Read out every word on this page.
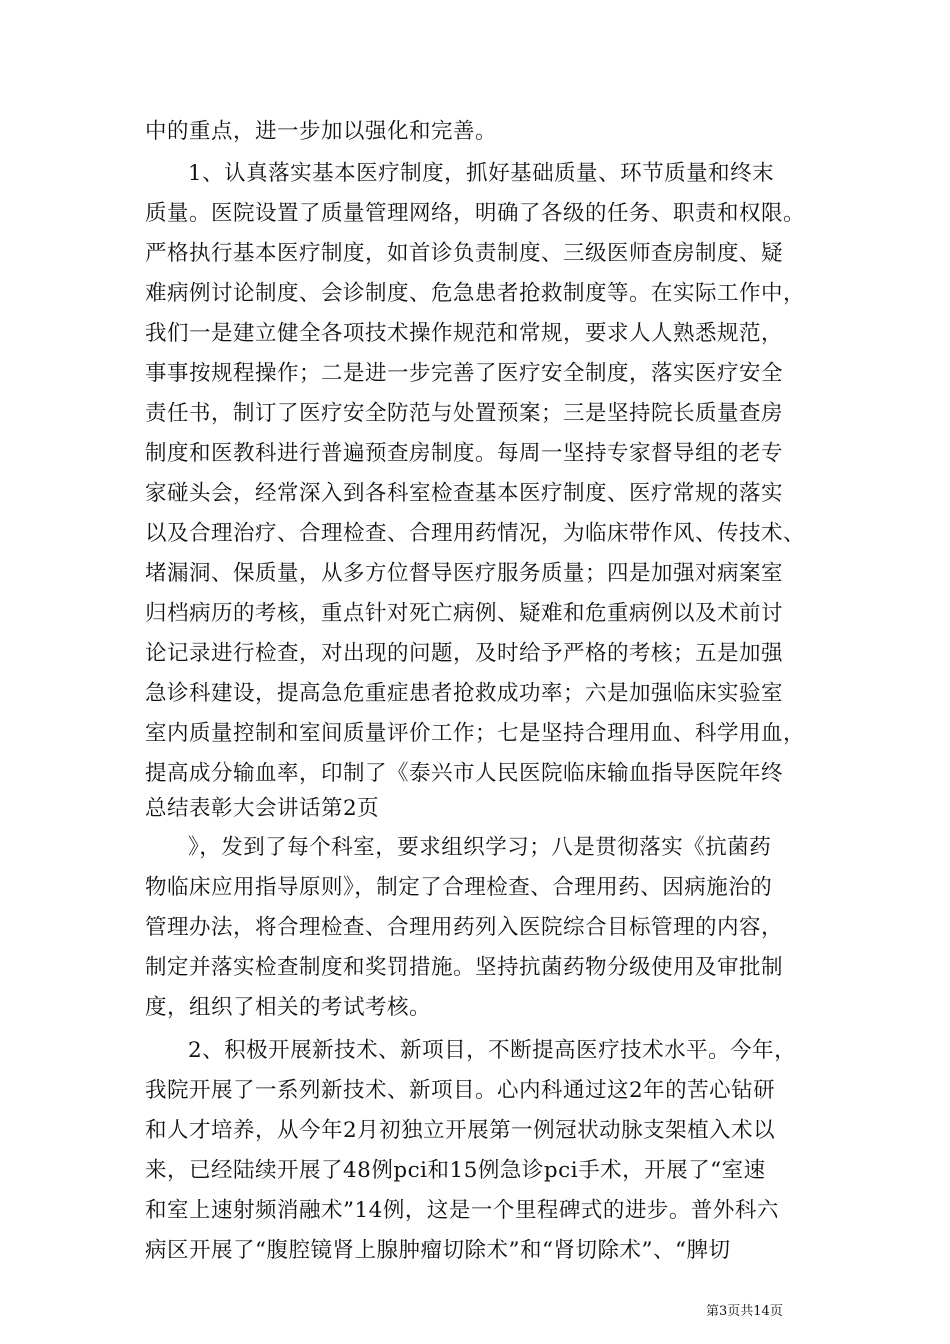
中的重点，进一步加以强化和完善。
1、认真落实基本医疗制度，抓好基础质量、环节质量和终末
质量。医院设置了质量管理网络，明确了各级的任务、职责和权限。
严格执行基本医疗制度，如首诊负责制度、三级医师查房制度、疑
难病例讨论制度、会诊制度、危急患者抢救制度等。在实际工作中，
我们一是建立健全各项技术操作规范和常规，要求人人熟悉规范，
事事按规程操作；二是进一步完善了医疗安全制度，落实医疗安全
责任书，制订了医疗安全防范与处置预案；三是坚持院长质量查房
制度和医教科进行普遍预查房制度。每周一坚持专家督导组的老专
家碰头会，经常深入到各科室检查基本医疗制度、医疗常规的落实
以及合理治疗、合理检查、合理用药情况，为临床带作风、传技术、
堵漏洞、保质量，从多方位督导医疗服务质量；四是加强对病案室
归档病历的考核，重点针对死亡病例、疑难和危重病例以及术前讨
论记录进行检查，对出现的问题，及时给予严格的考核；五是加强
急诊科建设，提高急危重症患者抢救成功率；六是加强临床实验室
室内质量控制和室间质量评价工作；七是坚持合理用血、科学用血，
提高成分输血率，印制了《泰兴市人民医院临床输血指导医院年终
总结表彰大会讲话第2页
》，发到了每个科室，要求组织学习；八是贯彻落实《抗菌药
物临床应用指导原则》，制定了合理检查、合理用药、因病施治的
管理办法，将合理检查、合理用药列入医院综合目标管理的内容，
制定并落实检查制度和奖罚措施。坚持抗菌药物分级使用及审批制
度，组织了相关的考试考核。
2、积极开展新技术、新项目，不断提高医疗技术水平。今年，
我院开展了一系列新技术、新项目。心内科通过这2年的苦心钻研
和人才培养，从今年2月初独立开展第一例冠状动脉支架植入术以
来，已经陆续开展了48例pci和15例急诊pci手术，开展了“室速
和室上速射频消融术”14例，这是一个里程碑式的进步。普外科六
病区开展了“腹腔镜肾上腺肿瘤切除术”和“肾切除术”、“脾切
第3页共14页
